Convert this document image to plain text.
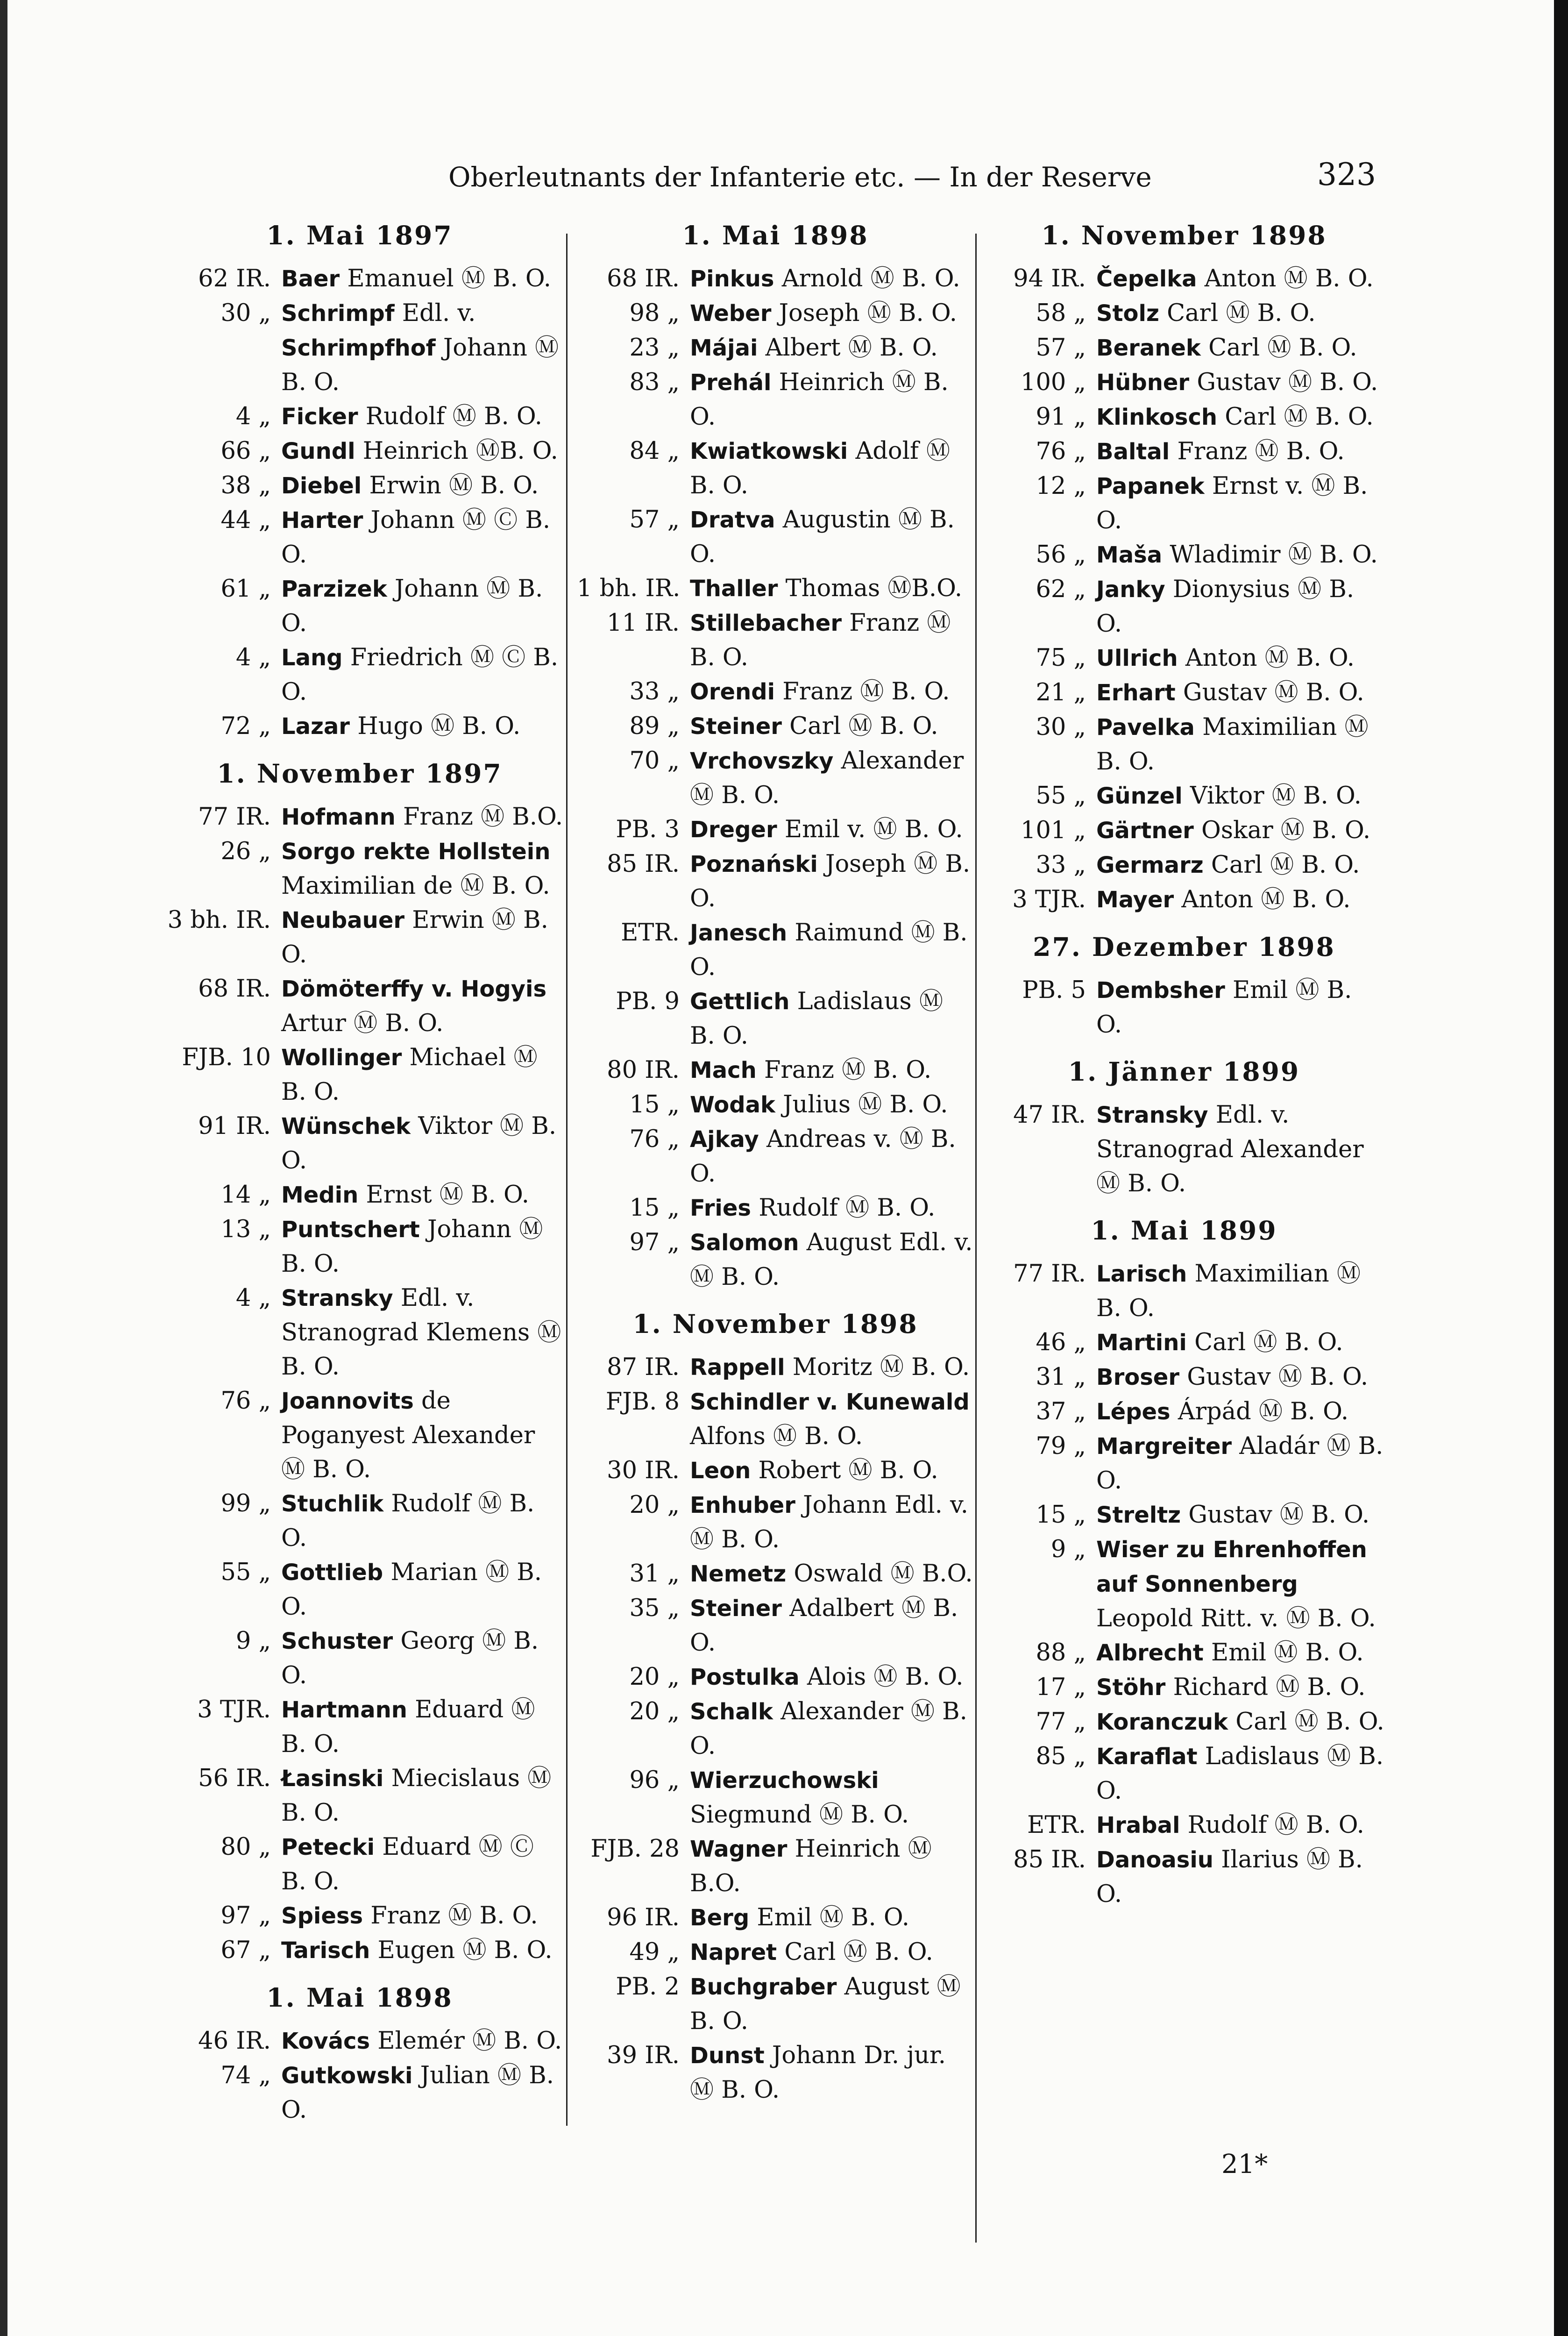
Oberleutnants der Infanterie etc. — In der Reserve	323
1. Mai 1897
62 IR. Baer Emanuel Ⓜ B. O.
30 „ Schrimpf Edl. v.
Schrimpfhof Johann Ⓜ B. O.
4 „ Ficker Rudolf Ⓜ B. O.
66 „ Gundl Heinrich ⓂB. O.
38 „ Diebel Erwin Ⓜ B. O.
44 „ Harter Johann Ⓜ Ⓒ B. O.
61 „ Parzizek Johann Ⓜ B. O.
4 „ Lang Friedrich Ⓜ Ⓒ B. O.
72 „ Lazar Hugo Ⓜ B. O.
1. November 1897
77 IR. Hofmann Franz Ⓜ B.O.
26 „ Sorgo rekte Hollstein Maximilian de Ⓜ B. O.
3 bh. IR. Neubauer Erwin Ⓜ B. O.
68 IR. Dömöterffy v. Hogyis Artur Ⓜ B. O.
FJB. 10 Wollinger Michael Ⓜ B. O.
91 IR. Wünschek Viktor Ⓜ B. O.
14 „ Medin Ernst Ⓜ B. O.
13 „ Puntschert Johann Ⓜ B. O.
4 „ Stransky Edl. v. Stranograd Klemens Ⓜ B. O.
76 „ Joannovits de Poganyest Alexander Ⓜ B. O.
99 „ Stuchlik Rudolf Ⓜ B. O.
55 „ Gottlieb Marian Ⓜ B. O.
9 „ Schuster Georg Ⓜ B. O.
3 TJR. Hartmann Eduard Ⓜ B. O.
56 IR. Łasinski Miecislaus Ⓜ B. O.
80 „ Petecki Eduard Ⓜ Ⓒ B. O.
97 „ Spiess Franz Ⓜ B. O.
67 „ Tarisch Eugen Ⓜ B. O.
1. Mai 1898
46 IR. Kovács Elemér Ⓜ B. O.
74 „ Gutkowski Julian Ⓜ B. O.
1. Mai 1898
68 IR. Pinkus Arnold Ⓜ B. O.
98 „ Weber Joseph Ⓜ B. O.
23 „ Májai Albert Ⓜ B. O.
83 „ Prehál Heinrich Ⓜ B. O.
84 „ Kwiatkowski Adolf Ⓜ B. O.
57 „ Dratva Augustin Ⓜ B. O.
1 bh. IR. Thaller Thomas ⓂB.O.
11 IR. Stillebacher Franz Ⓜ B. O.
33 „ Orendi Franz Ⓜ B. O.
89 „ Steiner Carl Ⓜ B. O.
70 „ Vrchovszky Alexander Ⓜ B. O.
PB. 3 Dreger Emil v. Ⓜ B. O.
85 IR. Poznański Joseph Ⓜ B. O.
ETR. Janesch Raimund Ⓜ B. O.
PB. 9 Gettlich Ladislaus Ⓜ B. O.
80 IR. Mach Franz Ⓜ B. O.
15 „ Wodak Julius Ⓜ B. O.
76 „ Ajkay Andreas v. Ⓜ B. O.
15 „ Fries Rudolf Ⓜ B. O.
97 „ Salomon August Edl. v. Ⓜ B. O.
1. November 1898
87 IR. Rappell Moritz Ⓜ B. O.
FJB. 8 Schindler v. Kunewald Alfons Ⓜ B. O.
30 IR. Leon Robert Ⓜ B. O.
20 „ Enhuber Johann Edl. v. Ⓜ B. O.
31 „ Nemetz Oswald Ⓜ B.O.
35 „ Steiner Adalbert Ⓜ B. O.
20 „ Postulka Alois Ⓜ B. O.
20 „ Schalk Alexander Ⓜ B. O.
96 „ Wierzuchowski Siegmund Ⓜ B. O.
FJB. 28 Wagner Heinrich Ⓜ B.O.
96 IR. Berg Emil Ⓜ B. O.
49 „ Napret Carl Ⓜ B. O.
PB. 2 Buchgraber August Ⓜ B. O.
39 IR. Dunst Johann Dr. jur. Ⓜ B. O.
1. November 1898
94 IR. Čepelka Anton Ⓜ B. O.
58 „ Stolz Carl Ⓜ B. O.
57 „ Beranek Carl Ⓜ B. O.
100 „ Hübner Gustav Ⓜ B. O.
91 „ Klinkosch Carl Ⓜ B. O.
76 „ Baltal Franz Ⓜ B. O.
12 „ Papanek Ernst v. Ⓜ B. O.
56 „ Maša Wladimir Ⓜ B. O.
62 „ Janky Dionysius Ⓜ B. O.
75 „ Ullrich Anton Ⓜ B. O.
21 „ Erhart Gustav Ⓜ B. O.
30 „ Pavelka Maximilian Ⓜ B. O.
55 „ Günzel Viktor Ⓜ B. O.
101 „ Gärtner Oskar Ⓜ B. O.
33 „ Germarz Carl Ⓜ B. O.
3 TJR. Mayer Anton Ⓜ B. O.
27. Dezember 1898
PB. 5 Dembsher Emil Ⓜ B. O.
1. Jänner 1899
47 IR. Stransky Edl. v. Stranograd Alexander Ⓜ B. O.
1. Mai 1899
77 IR. Larisch Maximilian Ⓜ B. O.
46 „ Martini Carl Ⓜ B. O.
31 „ Broser Gustav Ⓜ B. O.
37 „ Lépes Árpád Ⓜ B. O.
79 „ Margreiter Aladár Ⓜ B. O.
15 „ Streltz Gustav Ⓜ B. O.
9 „ Wiser zu Ehrenhoffen auf Sonnenberg Leopold Ritt. v. Ⓜ B. O.
88 „ Albrecht Emil Ⓜ B. O.
17 „ Stöhr Richard Ⓜ B. O.
77 „ Koranczuk Carl Ⓜ B. O.
85 „ Karaflat Ladislaus Ⓜ B. O.
ETR. Hrabal Rudolf Ⓜ B. O.
85 IR. Danoasiu Ilarius Ⓜ B. O.
21*
